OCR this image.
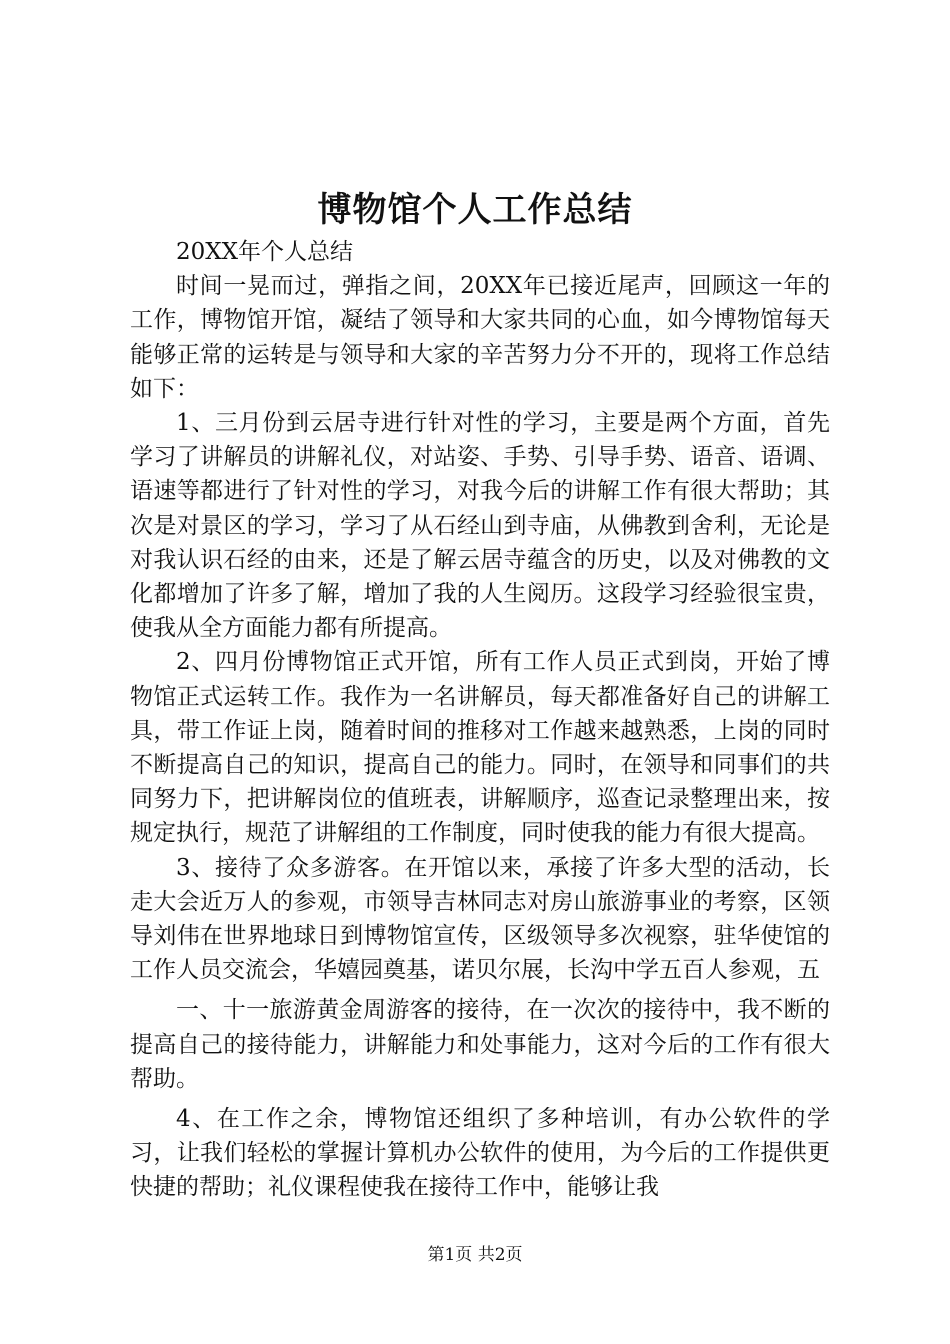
博物馆个人工作总结

20XX年个人总结

时间一晃而过，弹指之间，20XX年已接近尾声，回顾这一年的工作，博物馆开馆，凝结了领导和大家共同的心血，如今博物馆每天能够正常的运转是与领导和大家的辛苦努力分不开的，现将工作总结如下：

1、三月份到云居寺进行针对性的学习，主要是两个方面，首先学习了讲解员的讲解礼仪，对站姿、手势、引导手势、语音、语调、语速等都进行了针对性的学习，对我今后的讲解工作有很大帮助；其次是对景区的学习，学习了从石经山到寺庙，从佛教到舍利，无论是对我认识石经的由来，还是了解云居寺蕴含的历史，以及对佛教的文化都增加了许多了解，增加了我的人生阅历。这段学习经验很宝贵，使我从全方面能力都有所提高。

2、四月份博物馆正式开馆，所有工作人员正式到岗，开始了博物馆正式运转工作。我作为一名讲解员，每天都准备好自己的讲解工具，带工作证上岗，随着时间的推移对工作越来越熟悉，上岗的同时不断提高自己的知识，提高自己的能力。同时，在领导和同事们的共同努力下，把讲解岗位的值班表，讲解顺序，巡查记录整理出来，按规定执行，规范了讲解组的工作制度，同时使我的能力有很大提高。

3、接待了众多游客。在开馆以来，承接了许多大型的活动，长走大会近万人的参观，市领导吉林同志对房山旅游事业的考察，区领导刘伟在世界地球日到博物馆宣传，区级领导多次视察，驻华使馆的工作人员交流会，华嬉园奠基，诺贝尔展，长沟中学五百人参观，五

一、十一旅游黄金周游客的接待，在一次次的接待中，我不断的提高自己的接待能力，讲解能力和处事能力，这对今后的工作有很大帮助。

4、在工作之余，博物馆还组织了多种培训，有办公软件的学习，让我们轻松的掌握计算机办公软件的使用，为今后的工作提供更快捷的帮助；礼仪课程使我在接待工作中，能够让我

第1页 共2页
